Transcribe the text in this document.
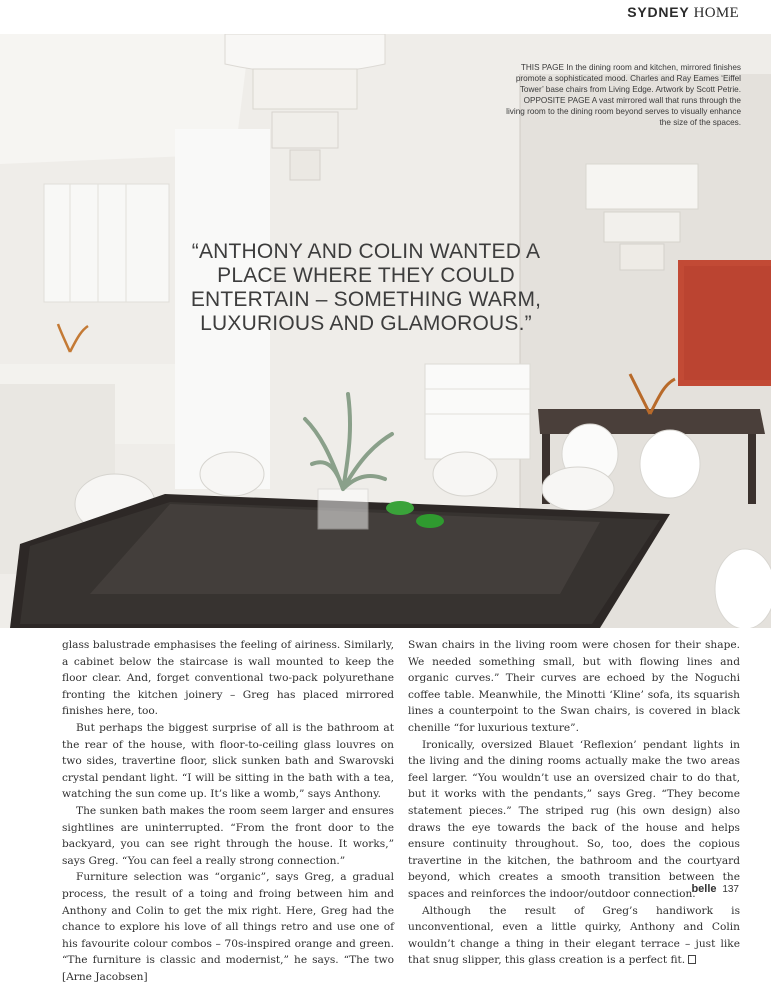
SYDNEY HOME
THIS PAGE In the dining room and kitchen, mirrored finishes promote a sophisticated mood. Charles and Ray Eames ‘Eiffel Tower’ base chairs from Living Edge. Artwork by Scott Petrie. OPPOSITE PAGE A vast mirrored wall that runs through the living room to the dining room beyond serves to visually enhance the size of the spaces.
“ANTHONY AND COLIN WANTED A PLACE WHERE THEY COULD ENTERTAIN – SOMETHING WARM, LUXURIOUS AND GLAMOROUS.”

glass balustrade emphasises the feeling of airiness. Similarly, a cabinet below the staircase is wall mounted to keep the floor clear. And, forget conventional two-pack polyurethane fronting the kitchen joinery – Greg has placed mirrored finishes here, too.

But perhaps the biggest surprise of all is the bathroom at the rear of the house, with floor-to-ceiling glass louvres on two sides, travertine floor, slick sunken bath and Swarovski crystal pendant light. “I will be sitting in the bath with a tea, watching the sun come up. It’s like a womb,” says Anthony.

The sunken bath makes the room seem larger and ensures sightlines are uninterrupted. “From the front door to the backyard, you can see right through the house. It works,” says Greg. “You can feel a really strong connection.”

Furniture selection was “organic”, says Greg, a gradual process, the result of a toing and froing between him and Anthony and Colin to get the mix right. Here, Greg had the chance to explore his love of all things retro and use one of his favourite colour combos – 70s-inspired orange and green. “The furniture is classic and modernist,” he says. “The two [Arne Jacobsen]

Swan chairs in the living room were chosen for their shape. We needed something small, but with flowing lines and organic curves.” Their curves are echoed by the Noguchi coffee table. Meanwhile, the Minotti ‘Kline’ sofa, its squarish lines a counterpoint to the Swan chairs, is covered in black chenille “for luxurious texture”.

Ironically, oversized Blauet ‘Reflexion’ pendant lights in the living and the dining rooms actually make the two areas feel larger. “You wouldn’t use an oversized chair to do that, but it works with the pendants,” says Greg. “They become statement pieces.” The striped rug (his own design) also draws the eye towards the back of the house and helps ensure continuity throughout. So, too, does the copious travertine in the kitchen, the bathroom and the courtyard beyond, which creates a smooth transition between the spaces and reinforces the indoor/outdoor connection.

Although the result of Greg’s handiwork is unconventional, even a little quirky, Anthony and Colin wouldn’t change a thing in their elegant terrace – just like that snug slipper, this glass creation is a perfect fit.

belle 137
